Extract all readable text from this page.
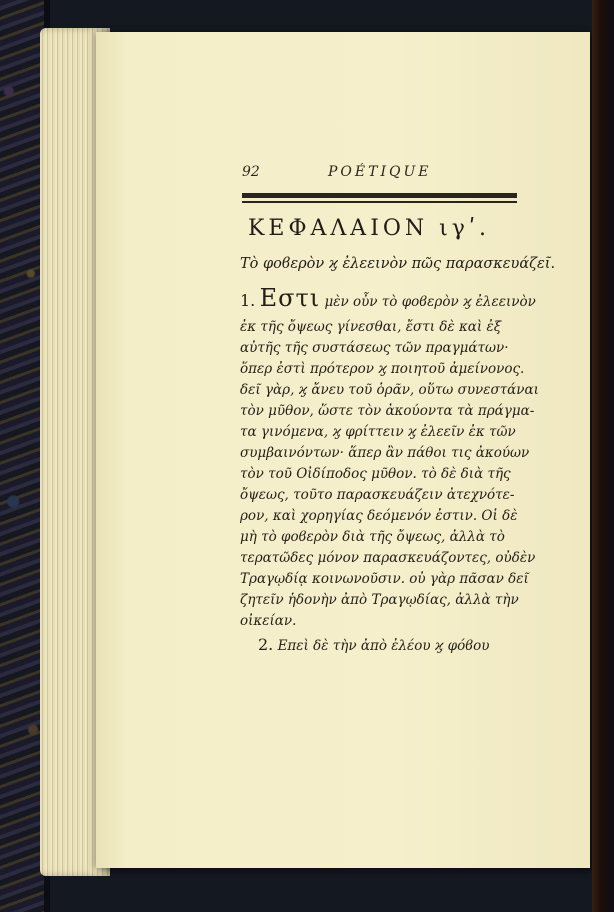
92	POÉTIQUE
ΚΕΦΑΛΑΙΟΝ ιγʹ.
Τὸ φοϐερὸν ϗ ἐλεεινὸν πῶς παρασκευάζεῖ.
1. Εστι μὲν οὖν τὸ φοϐερὸν ϗ ἐλεεινὸν
ἐκ τῆς ὄψεως γίνεσθαι, ἔστι δὲ καὶ ἐξ
αὐτῆς τῆς συστάσεως τῶν πραγμάτων·
ὅπερ ἐστὶ πρότερον ϗ ποιητοῦ ἀμείνονος.
δεῖ γὰρ, ϗ ἄνευ τοῦ ὁρᾶν, οὕτω συνεστάναι
τὸν μῦθον, ὥστε τὸν ἀκούοντα τὰ πράγμα-
τα γινόμενα, ϗ φρίττειν ϗ ἐλεεῖν ἐκ τῶν
συμβαινόντων· ἅπερ ἂν πάθοι τις ἀκούων
τὸν τοῦ Οἰδίποδος μῦθον. τὸ δὲ διὰ τῆς
ὄψεως, τοῦτο παρασκευάζειν ἀτεχνότε-
ρον, καὶ χορηγίας δεόμενόν ἐστιν. Οἱ δὲ
μὴ τὸ φοϐερὸν διὰ τῆς ὄψεως, ἀλλὰ τὸ
τερατῶδες μόνον παρασκευάζοντες, οὐδὲν
Τραγῳδίᾳ κοινωνοῦσιν. οὐ γὰρ πᾶσαν δεῖ
ζητεῖν ἡδονὴν ἀπὸ Τραγῳδίας, ἀλλὰ τὴν
οἰκείαν.
2. Επεὶ δὲ τὴν ἀπὸ ἐλέου ϗ φόϐου
